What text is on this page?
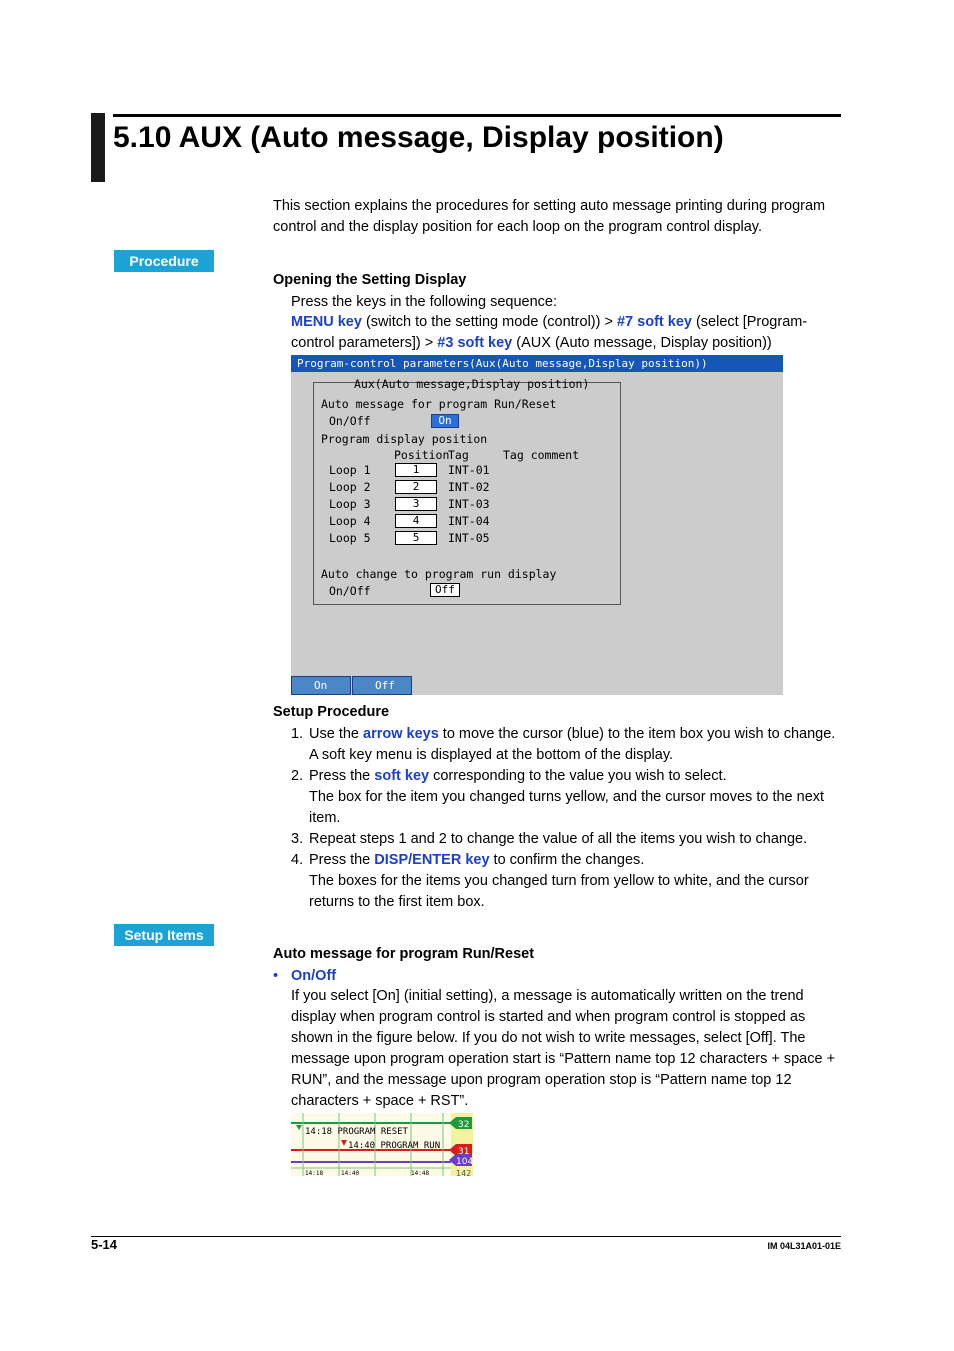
5.10 AUX (Auto message, Display position)
This section explains the procedures for setting auto message printing during program control and the display position for each loop on the program control display.
Procedure
Opening the Setting Display
Press the keys in the following sequence:
MENU key (switch to the setting mode (control)) > #7 soft key (select [Program-control parameters]) > #3 soft key (AUX (Auto message, Display position))
Program-control parameters(Aux(Auto message,Display position))
Aux(Auto message,Display position)
Auto message for program Run/Reset
On/Off	On
Program display position
Position
Tag	Tag comment
Loop 1	1	INT-01
Loop 2	2	INT-02
Loop 3	3	INT-03
Loop 4	4	INT-04
Loop 5	5	INT-05
Auto change to program run display
On/Off	Off
On	Off
Setup Procedure
1. Use the arrow keys to move the cursor (blue) to the item box you wish to change.
A soft key menu is displayed at the bottom of the display.
2. Press the soft key corresponding to the value you wish to select.
The box for the item you changed turns yellow, and the cursor moves to the next item.
3. Repeat steps 1 and 2 to change the value of all the items you wish to change.
4. Press the DISP/ENTER key to confirm the changes.
The boxes for the items you changed turn from yellow to white, and the cursor returns to the first item box.
Setup Items
Auto message for program Run/Reset
• On/Off
If you select [On] (initial setting), a message is automatically written on the trend display when program control is started and when program control is stopped as shown in the figure below. If you do not wish to write messages, select [Off]. The message upon program operation start is “Pattern name top 12 characters + space + RUN”, and the message upon program operation stop is “Pattern name top 12 characters + space + RST”.
14:18 PROGRAM RESET
14:40 PROGRAM RUN
14:18	14:40	14:48
32
31
104
142
5-14	IM 04L31A01-01E
